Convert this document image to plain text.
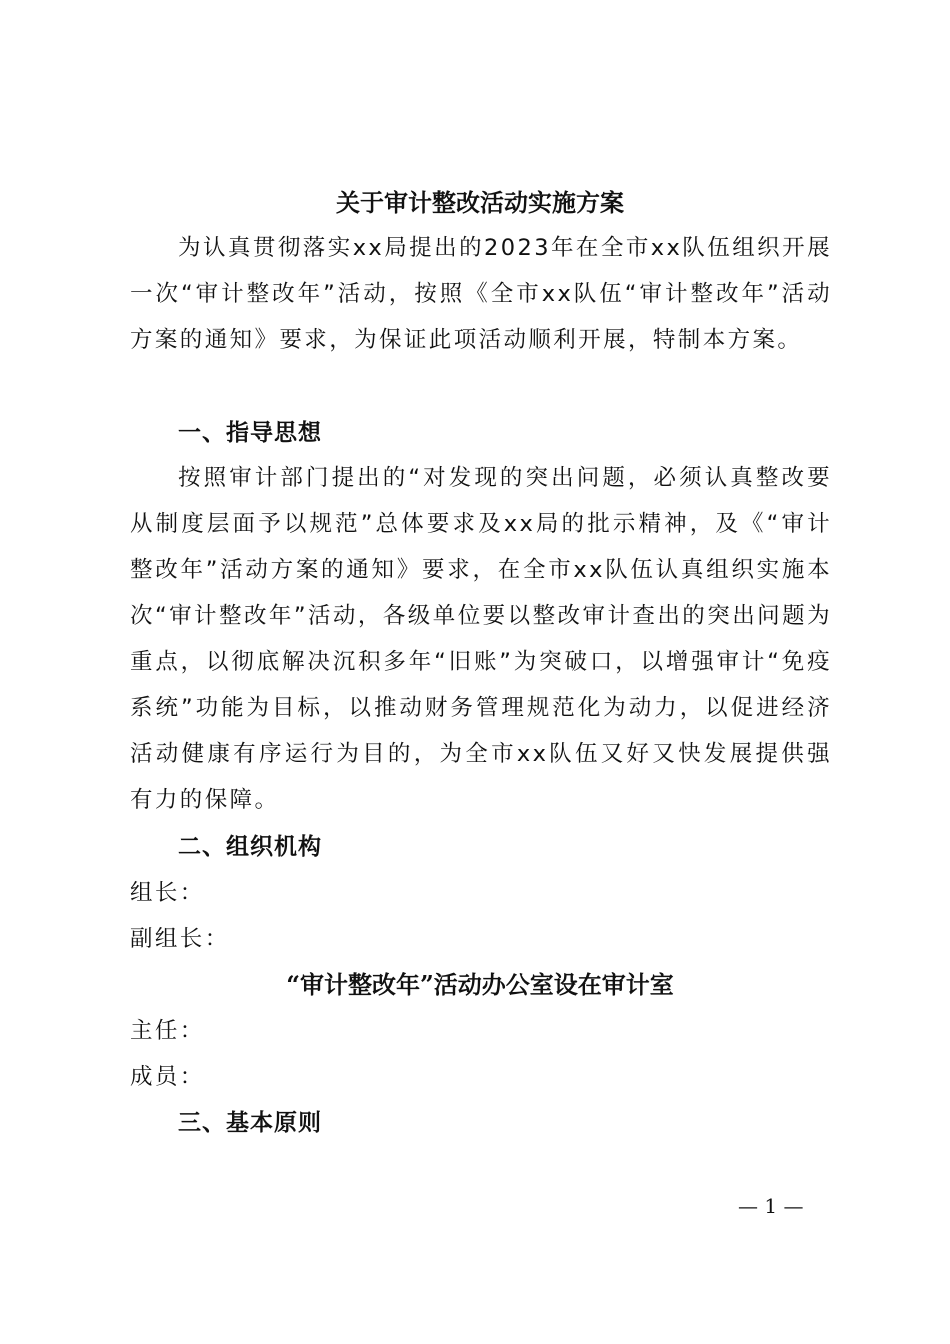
关于审计整改活动实施方案

为认真贯彻落实xx局提出的2023年在全市xx队伍组织开展一次“审计整改年”活动，按照《全市xx队伍“审计整改年”活动方案的通知》要求，为保证此项活动顺利开展，特制本方案。

一、指导思想

按照审计部门提出的“对发现的突出问题，必须认真整改要从制度层面予以规范”总体要求及xx局的批示精神，及《“审计整改年”活动方案的通知》要求，在全市xx队伍认真组织实施本次“审计整改年”活动，各级单位要以整改审计查出的突出问题为重点，以彻底解决沉积多年“旧账”为突破口，以增强审计“免疫系统”功能为目标，以推动财务管理规范化为动力，以促进经济活动健康有序运行为目的，为全市xx队伍又好又快发展提供强有力的保障。

二、组织机构

组长：

副组长：

“审计整改年”活动办公室设在审计室

主任：

成员：

三、基本原则
— 1 —
